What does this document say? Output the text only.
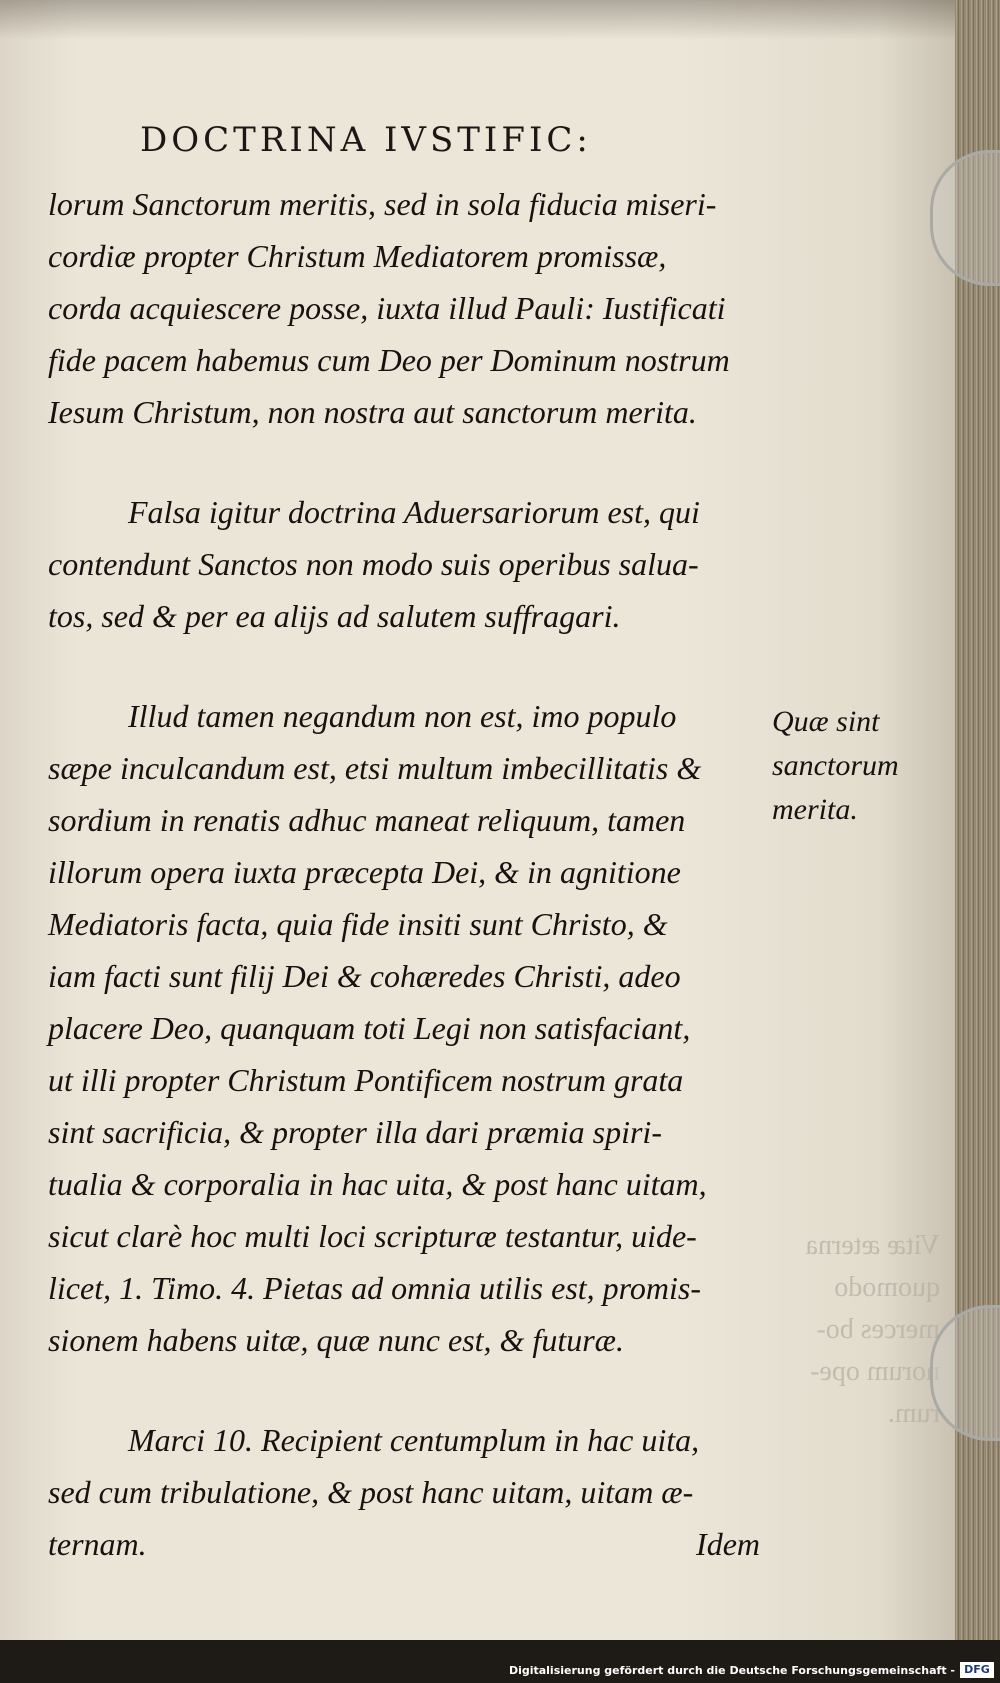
DOCTRINA IVSTIFIC:
lorum Sanctorum meritis, sed in sola fiducia miseri-
cordiæ propter Christum Mediatorem promissæ,
corda acquiescere posse, iuxta illud Pauli: Iustificati
fide pacem habemus cum Deo per Dominum nostrum
Iesum Christum, non nostra aut sanctorum merita.
Falsa igitur doctrina Aduersariorum est, qui
contendunt Sanctos non modo suis operibus salua-
tos, sed & per ea alijs ad salutem suffragari.
Illud tamen negandum non est, imo populo
sæpe inculcandum est, etsi multum imbecillitatis &
sordium in renatis adhuc maneat reliquum, tamen
illorum opera iuxta præcepta Dei, & in agnitione
Mediatoris facta, quia fide insiti sunt Christo, &
iam facti sunt filij Dei & cohæredes Christi, adeo
placere Deo, quanquam toti Legi non satisfaciant,
ut illi propter Christum Pontificem nostrum grata
sint sacrificia, & propter illa dari præmia spiri-
tualia & corporalia in hac uita, & post hanc uitam,
sicut clarè hoc multi loci scripturæ testantur, uide-
licet, 1. Timo. 4. Pietas ad omnia utilis est, promis-
sionem habens uitæ, quæ nunc est, & futuræ.
Marci 10. Recipient centumplum in hac uita,
sed cum tribulatione, & post hanc uitam, uitam æ-
ternam.	Idem
Quæ sint
sanctorum
merita.
Vitæ æterna
quomodo
merces bo-
norum ope-
rum.
Digitalisierung gefördert durch die Deutsche Forschungsgemeinschaft - DFG
